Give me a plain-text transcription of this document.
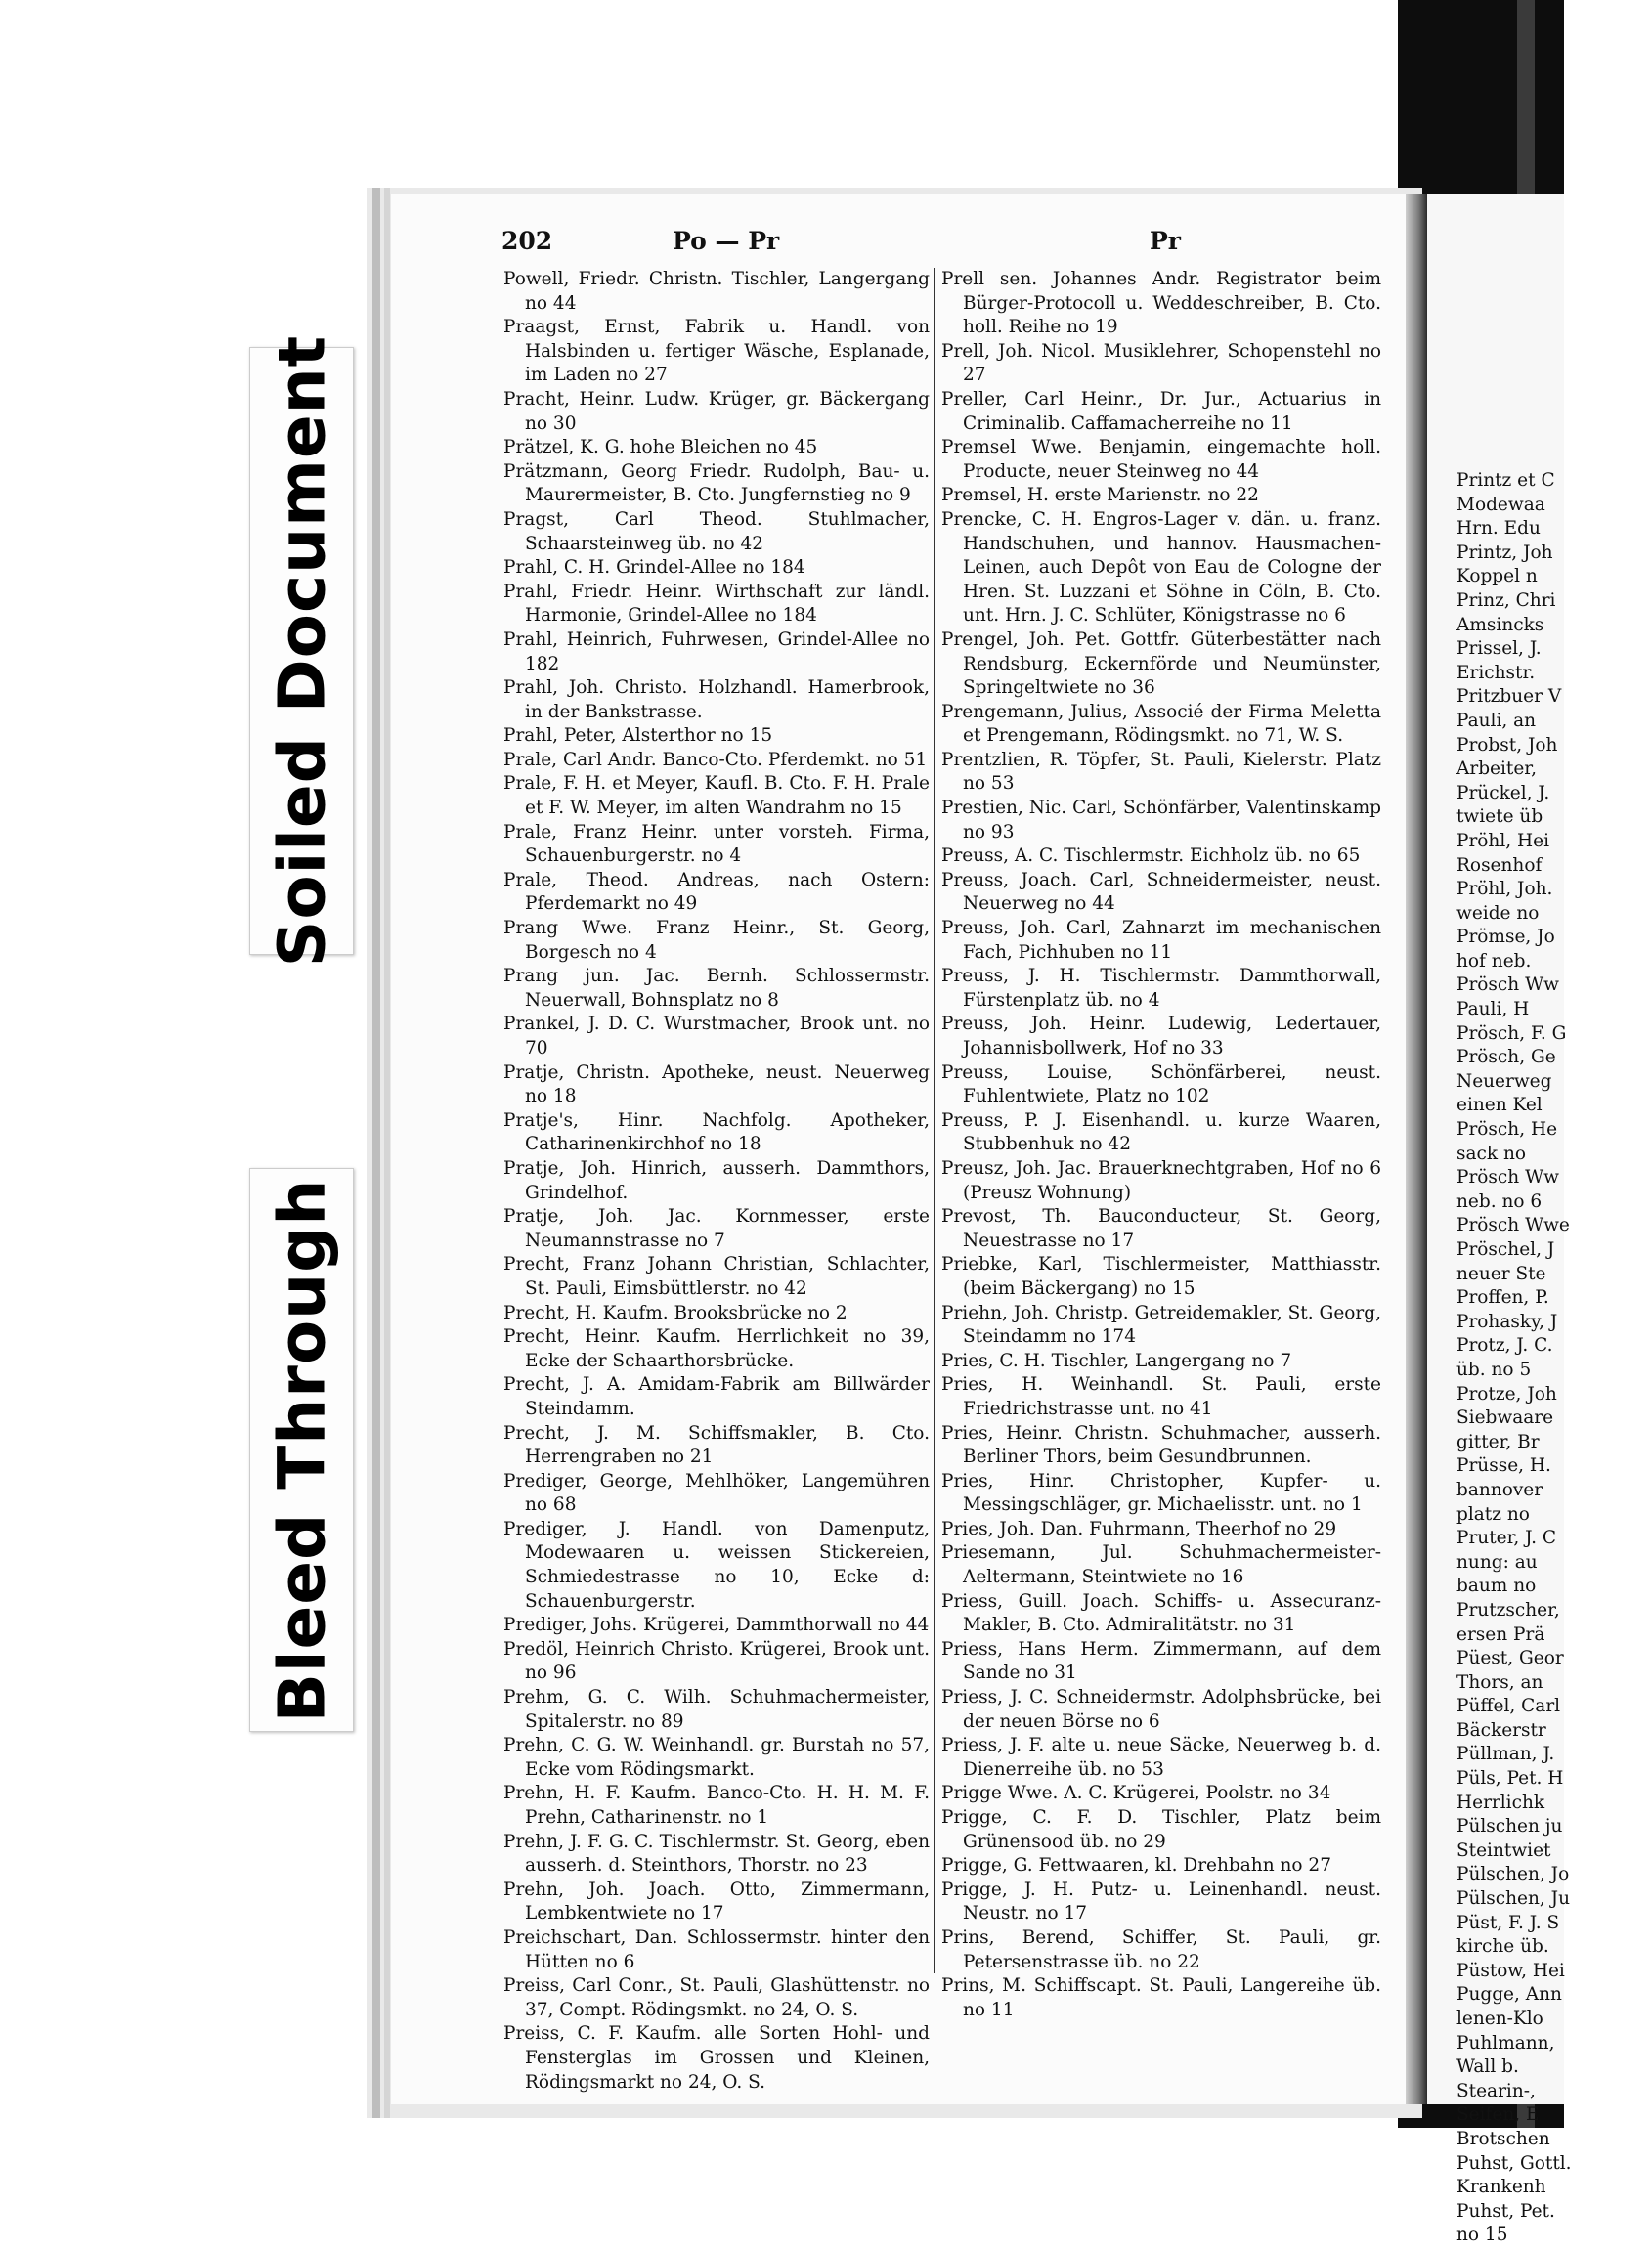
Soiled Document
Bleed Through

Printz et C

Modewaa

Hrn. Edu

Printz, Joh

Koppel n

Prinz, Chri

Amsincks

Prissel, J.

Erichstr.

Pritzbuer V

Pauli, an

Probst, Joh

Arbeiter,

Prückel, J.

twiete üb

Pröhl, Hei

Rosenhof

Pröhl, Joh.

weide no

Prömse, Jo

hof neb.

Prösch Ww

Pauli, H

Prösch, F. G

Prösch, Ge

Neuerweg

einen Kel

Prösch, He

sack no

Prösch Ww

neb. no 6

Prösch Wwe

Pröschel, J

neuer Ste

Proffen, P.

Prohasky, J

Protz, J. C.

üb. no 5

Protze, Joh

Siebwaare

gitter, Br

Prüsse, H.

bannover

platz no

Pruter, J. C

nung: au

baum no

Prutzscher,

ersen Prä

Püest, Geor

Thors, an

Püffel, Carl

Bäckerstr

Püllman, J.

Püls, Pet. H

Herrlichk

Pülschen ju

Steintwiet

Pülschen, Jo

Pülschen, Ju

Püst, F. J. S

kirche üb.

Püstow, Hei

Pugge, Ann

lenen-Klo

Puhlmann,

Wall b.

Stearin-,

Seifen, E

Brotschen

Puhst, Gottl.

Krankenh

Puhst, Pet.

no 15

202	Po — Pr	Pr

Powell, Friedr. Christn. Tischler, Langergang no 44

Praagst, Ernst, Fabrik u. Handl. von Halsbinden u. fertiger Wäsche, Esplanade, im Laden no 27

Pracht, Heinr. Ludw. Krüger, gr. Bäckergang no 30

Prätzel, K. G. hohe Bleichen no 45

Prätzmann, Georg Friedr. Rudolph, Bau- u. Maurermeister, B. Cto. Jungfernstieg no 9

Pragst, Carl Theod. Stuhlmacher, Schaarsteinweg üb. no 42

Prahl, C. H. Grindel-Allee no 184

Prahl, Friedr. Heinr. Wirthschaft zur ländl. Harmonie, Grindel-Allee no 184

Prahl, Heinrich, Fuhrwesen, Grindel-Allee no 182

Prahl, Joh. Christo. Holzhandl. Hamerbrook, in der Bankstrasse.

Prahl, Peter, Alsterthor no 15

Prale, Carl Andr. Banco-Cto. Pferdemkt. no 51

Prale, F. H. et Meyer, Kaufl. B. Cto. F. H. Prale et F. W. Meyer, im alten Wandrahm no 15

Prale, Franz Heinr. unter vorsteh. Firma, Schauenburgerstr. no 4

Prale, Theod. Andreas, nach Ostern: Pferdemarkt no 49

Prang Wwe. Franz Heinr., St. Georg, Borgesch no 4

Prang jun. Jac. Bernh. Schlossermstr. Neuerwall, Bohnsplatz no 8

Prankel, J. D. C. Wurstmacher, Brook unt. no 70

Pratje, Christn. Apotheke, neust. Neuerweg no 18

Pratje's, Hinr. Nachfolg. Apotheker, Catharinenkirchhof no 18

Pratje, Joh. Hinrich, ausserh. Dammthors, Grindelhof.

Pratje, Joh. Jac. Kornmesser, erste Neumannstrasse no 7

Precht, Franz Johann Christian, Schlachter, St. Pauli, Eimsbüttlerstr. no 42

Precht, H. Kaufm. Brooksbrücke no 2

Precht, Heinr. Kaufm. Herrlichkeit no 39, Ecke der Schaarthorsbrücke.

Precht, J. A. Amidam-Fabrik am Billwärder Steindamm.

Precht, J. M. Schiffsmakler, B. Cto. Herrengraben no 21

Prediger, George, Mehlhöker, Langemühren no 68

Prediger, J. Handl. von Damenputz, Modewaaren u. weissen Stickereien, Schmiedestrasse no 10, Ecke d: Schauenburgerstr.

Prediger, Johs. Krügerei, Dammthorwall no 44

Predöl, Heinrich Christo. Krügerei, Brook unt. no 96

Prehm, G. C. Wilh. Schuhmachermeister, Spitalerstr. no 89

Prehn, C. G. W. Weinhandl. gr. Burstah no 57, Ecke vom Rödingsmarkt.

Prehn, H. F. Kaufm. Banco-Cto. H. H. M. F. Prehn, Catharinenstr. no 1

Prehn, J. F. G. C. Tischlermstr. St. Georg, eben ausserh. d. Steinthors, Thorstr. no 23

Prehn, Joh. Joach. Otto, Zimmermann, Lembkentwiete no 17

Preichschart, Dan. Schlossermstr. hinter den Hütten no 6

Preiss, Carl Conr., St. Pauli, Glashüttenstr. no 37, Compt. Rödingsmkt. no 24, O. S.

Preiss, C. F. Kaufm. alle Sorten Hohl- und Fensterglas im Grossen und Kleinen, Rödingsmarkt no 24, O. S.

Prell sen. Johannes Andr. Registrator beim Bürger-Protocoll u. Weddeschreiber, B. Cto. holl. Reihe no 19

Prell, Joh. Nicol. Musiklehrer, Schopenstehl no 27

Preller, Carl Heinr., Dr. Jur., Actuarius in Criminalib. Caffamacherreihe no 11

Premsel Wwe. Benjamin, eingemachte holl. Producte, neuer Steinweg no 44

Premsel, H. erste Marienstr. no 22

Prencke, C. H. Engros-Lager v. dän. u. franz. Handschuhen, und hannov. Hausmachen-Leinen, auch Depôt von Eau de Cologne der Hren. St. Luzzani et Söhne in Cöln, B. Cto. unt. Hrn. J. C. Schlüter, Königstrasse no 6

Prengel, Joh. Pet. Gottfr. Güterbestätter nach Rendsburg, Eckernförde und Neumünster, Springeltwiete no 36

Prengemann, Julius, Associé der Firma Meletta et Prengemann, Rödingsmkt. no 71, W. S.

Prentzlien, R. Töpfer, St. Pauli, Kielerstr. Platz no 53

Prestien, Nic. Carl, Schönfärber, Valentinskamp no 93

Preuss, A. C. Tischlermstr. Eichholz üb. no 65

Preuss, Joach. Carl, Schneidermeister, neust. Neuerweg no 44

Preuss, Joh. Carl, Zahnarzt im mechanischen Fach, Pichhuben no 11

Preuss, J. H. Tischlermstr. Dammthorwall, Fürstenplatz üb. no 4

Preuss, Joh. Heinr. Ludewig, Ledertauer, Johannisbollwerk, Hof no 33

Preuss, Louise, Schönfärberei, neust. Fuhlentwiete, Platz no 102

Preuss, P. J. Eisenhandl. u. kurze Waaren, Stubbenhuk no 42

Preusz, Joh. Jac. Brauerknechtgraben, Hof no 6 (Preusz Wohnung)

Prevost, Th. Bauconducteur, St. Georg, Neuestrasse no 17

Priebke, Karl, Tischlermeister, Matthiasstr. (beim Bäckergang) no 15

Priehn, Joh. Christp. Getreidemakler, St. Georg, Steindamm no 174

Pries, C. H. Tischler, Langergang no 7

Pries, H. Weinhandl. St. Pauli, erste Friedrichstrasse unt. no 41

Pries, Heinr. Christn. Schuhmacher, ausserh. Berliner Thors, beim Gesundbrunnen.

Pries, Hinr. Christopher, Kupfer- u. Messingschläger, gr. Michaelisstr. unt. no 1

Pries, Joh. Dan. Fuhrmann, Theerhof no 29

Priesemann, Jul. Schuhmachermeister-Aeltermann, Steintwiete no 16

Priess, Guill. Joach. Schiffs- u. Assecuranz-Makler, B. Cto. Admiralitätstr. no 31

Priess, Hans Herm. Zimmermann, auf dem Sande no 31

Priess, J. C. Schneidermstr. Adolphsbrücke, bei der neuen Börse no 6

Priess, J. F. alte u. neue Säcke, Neuerweg b. d. Dienerreihe üb. no 53

Prigge Wwe. A. C. Krügerei, Poolstr. no 34

Prigge, C. F. D. Tischler, Platz beim Grünensood üb. no 29

Prigge, G. Fettwaaren, kl. Drehbahn no 27

Prigge, J. H. Putz- u. Leinenhandl. neust. Neustr. no 17

Prins, Berend, Schiffer, St. Pauli, gr. Petersenstrasse üb. no 22

Prins, M. Schiffscapt. St. Pauli, Langereihe üb. no 11
